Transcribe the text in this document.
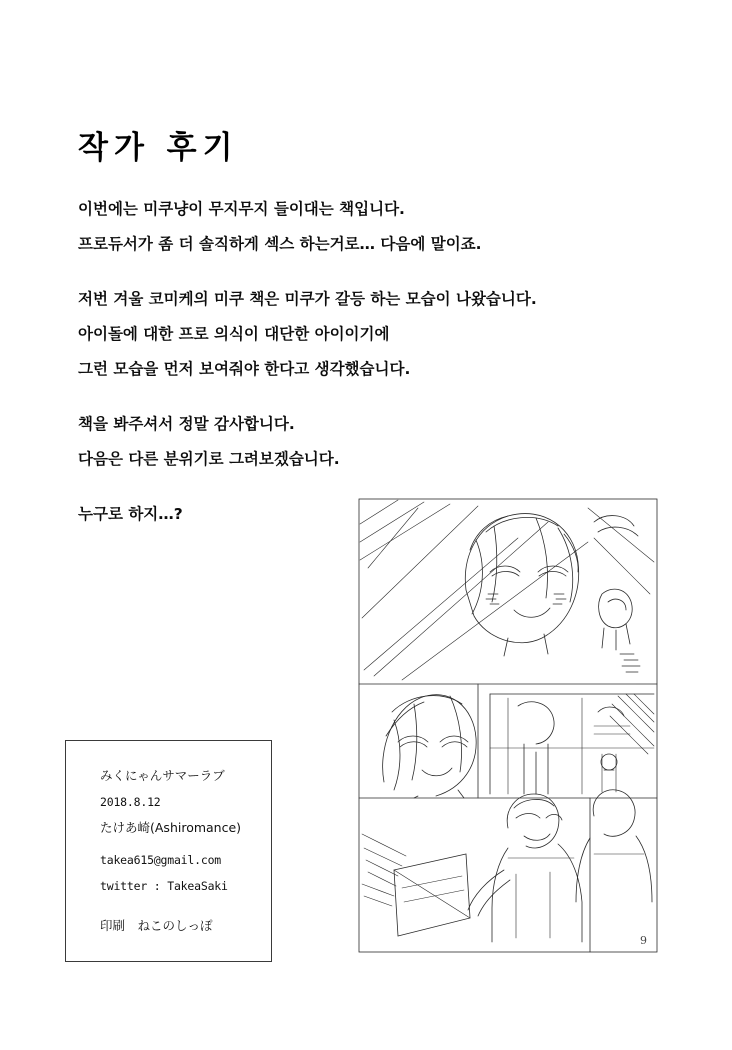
작가 후기

이번에는 미쿠냥이 무지무지 들이대는 책입니다.

프로듀서가 좀 더 솔직하게 섹스 하는거로… 다음에 말이죠.

저번 겨울 코미케의 미쿠 책은 미쿠가 갈등 하는 모습이 나왔습니다.

아이돌에 대한 프로 의식이 대단한 아이이기에

그런 모습을 먼저 보여줘야 한다고 생각했습니다.

책을 봐주셔서 정말 감사합니다.

다음은 다른 분위기로 그려보겠습니다.

누구로 하지…?

みくにゃんサマーラブ
2018.8.12
たけあ崎(Ashiromance)
takea615@gmail.com
twitter : TakeaSaki
印刷　ねこのしっぽ
9
